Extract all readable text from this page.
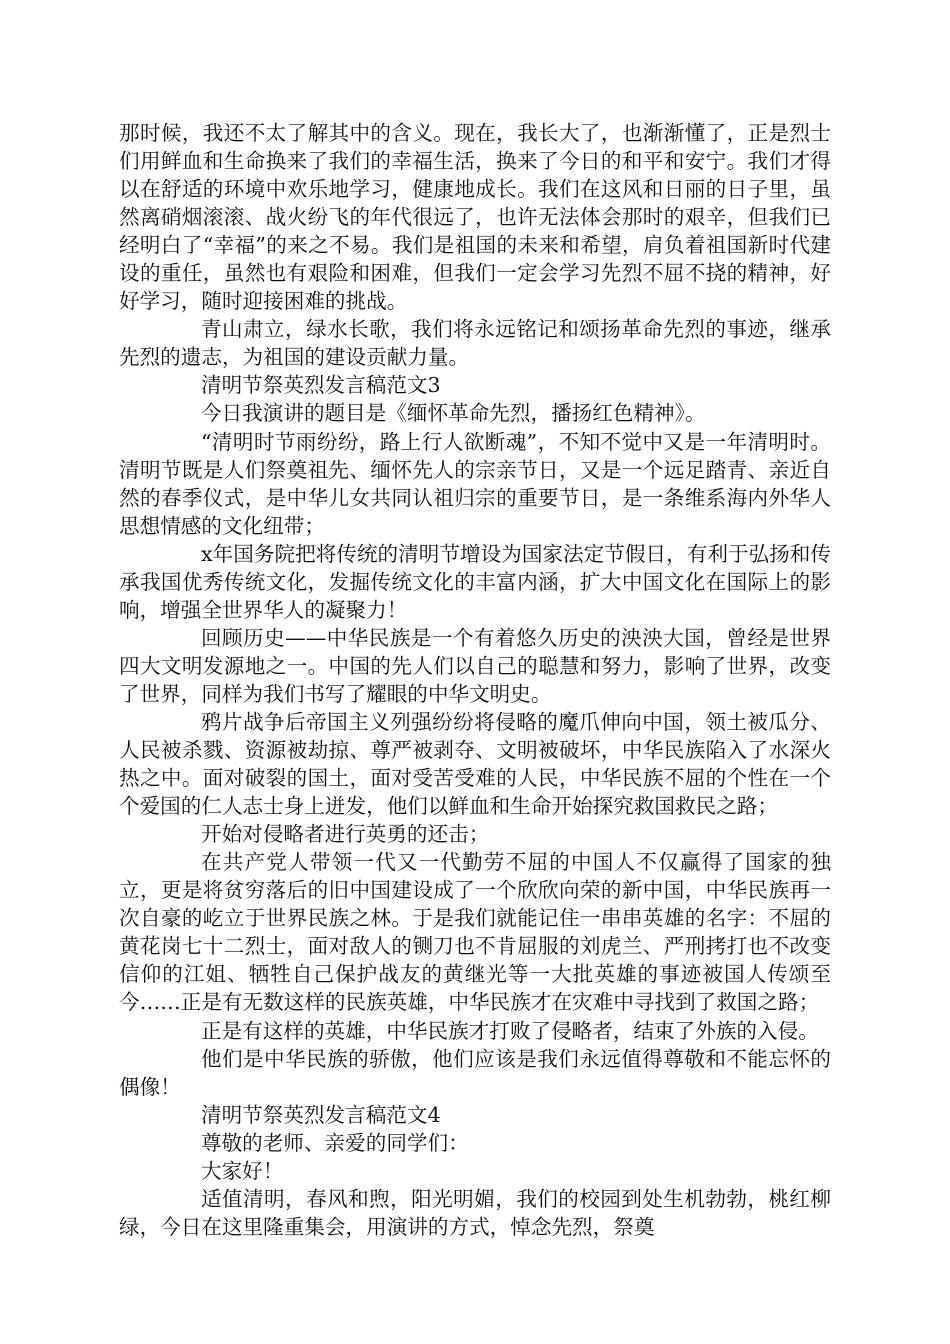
那时候，我还不太了解其中的含义。现在，我长大了，也渐渐懂了，正是烈士们用鲜血和生命换来了我们的幸福生活，换来了今日的和平和安宁。我们才得以在舒适的环境中欢乐地学习，健康地成长。我们在这风和日丽的日子里，虽然离硝烟滚滚、战火纷飞的年代很远了，也许无法体会那时的艰辛，但我们已经明白了“幸福”的来之不易。我们是祖国的未来和希望，肩负着祖国新时代建设的重任，虽然也有艰险和困难，但我们一定会学习先烈不屈不挠的精神，好好学习，随时迎接困难的挑战。

青山肃立，绿水长歌，我们将永远铭记和颂扬革命先烈的事迹，继承先烈的遗志，为祖国的建设贡献力量。

清明节祭英烈发言稿范文3

今日我演讲的题目是《缅怀革命先烈，播扬红色精神》。

“清明时节雨纷纷，路上行人欲断魂”，不知不觉中又是一年清明时。清明节既是人们祭奠祖先、缅怀先人的宗亲节日，又是一个远足踏青、亲近自然的春季仪式，是中华儿女共同认祖归宗的重要节日，是一条维系海内外华人思想情感的文化纽带；

x年国务院把将传统的清明节增设为国家法定节假日，有利于弘扬和传承我国优秀传统文化，发掘传统文化的丰富内涵，扩大中国文化在国际上的影响，增强全世界华人的凝聚力！

回顾历史——中华民族是一个有着悠久历史的泱泱大国，曾经是世界四大文明发源地之一。中国的先人们以自己的聪慧和努力，影响了世界，改变了世界，同样为我们书写了耀眼的中华文明史。

鸦片战争后帝国主义列强纷纷将侵略的魔爪伸向中国，领土被瓜分、人民被杀戮、资源被劫掠、尊严被剥夺、文明被破坏，中华民族陷入了水深火热之中。面对破裂的国土，面对受苦受难的人民，中华民族不屈的个性在一个个爱国的仁人志士身上迸发，他们以鲜血和生命开始探究救国救民之路；

开始对侵略者进行英勇的还击；

在共产党人带领一代又一代勤劳不屈的中国人不仅赢得了国家的独立，更是将贫穷落后的旧中国建设成了一个欣欣向荣的新中国，中华民族再一次自豪的屹立于世界民族之林。于是我们就能记住一串串英雄的名字：不屈的黄花岗七十二烈士，面对敌人的铡刀也不肯屈服的刘虎兰、严刑拷打也不改变信仰的江姐、牺牲自己保护战友的黄继光等一大批英雄的事迹被国人传颂至今……正是有无数这样的民族英雄，中华民族才在灾难中寻找到了救国之路；

正是有这样的英雄，中华民族才打败了侵略者，结束了外族的入侵。

他们是中华民族的骄傲，他们应该是我们永远值得尊敬和不能忘怀的偶像！

清明节祭英烈发言稿范文4

尊敬的老师、亲爱的同学们：

大家好！

适值清明，春风和煦，阳光明媚，我们的校园到处生机勃勃，桃红柳绿，今日在这里隆重集会，用演讲的方式，悼念先烈，祭奠
